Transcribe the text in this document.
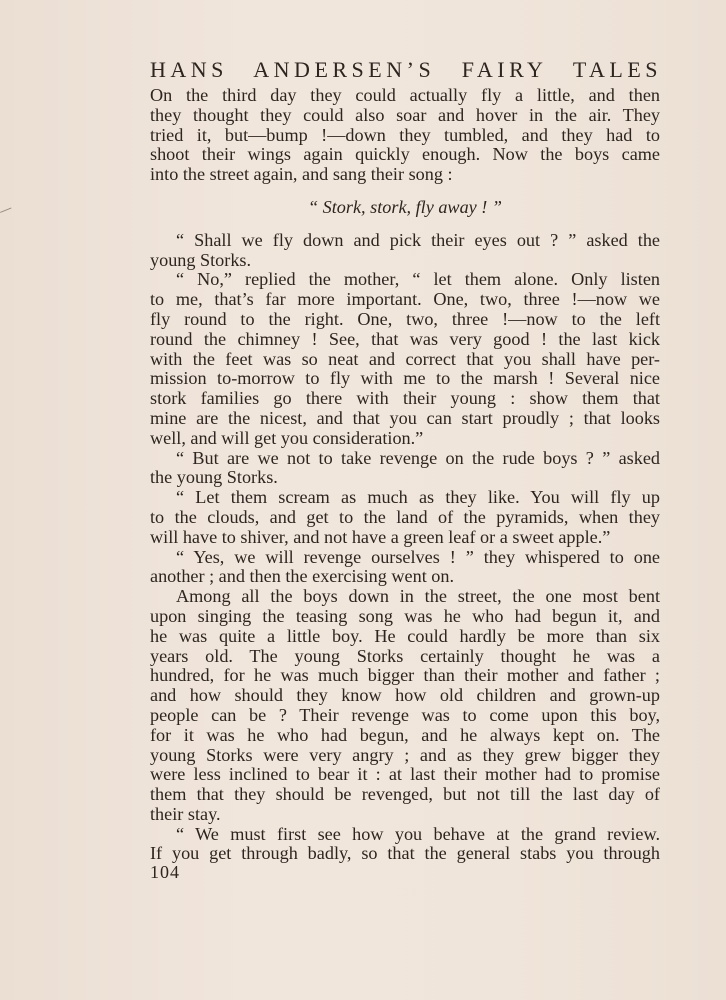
HANS ANDERSEN’S FAIRY TALES
On the third day they could actually fly a little, and then
they thought they could also soar and hover in the air. They
tried it, but—bump !—down they tumbled, and they had to
shoot their wings again quickly enough. Now the boys came
into the street again, and sang their song :
“ Stork, stork, fly away ! ”
“ Shall we fly down and pick their eyes out ? ” asked the
young Storks.
“ No,” replied the mother, “ let them alone. Only listen
to me, that’s far more important. One, two, three !—now we
fly round to the right. One, two, three !—now to the left
round the chimney ! See, that was very good ! the last kick
with the feet was so neat and correct that you shall have per-
mission to-morrow to fly with me to the marsh ! Several nice
stork families go there with their young : show them that
mine are the nicest, and that you can start proudly ; that looks
well, and will get you consideration.”
“ But are we not to take revenge on the rude boys ? ” asked
the young Storks.
“ Let them scream as much as they like. You will fly up
to the clouds, and get to the land of the pyramids, when they
will have to shiver, and not have a green leaf or a sweet apple.”
“ Yes, we will revenge ourselves ! ” they whispered to one
another ; and then the exercising went on.
Among all the boys down in the street, the one most bent
upon singing the teasing song was he who had begun it, and
he was quite a little boy. He could hardly be more than six
years old. The young Storks certainly thought he was a
hundred, for he was much bigger than their mother and father ;
and how should they know how old children and grown-up
people can be ? Their revenge was to come upon this boy,
for it was he who had begun, and he always kept on. The
young Storks were very angry ; and as they grew bigger they
were less inclined to bear it : at last their mother had to promise
them that they should be revenged, but not till the last day of
their stay.
“ We must first see how you behave at the grand review.
If you get through badly, so that the general stabs you through
104
